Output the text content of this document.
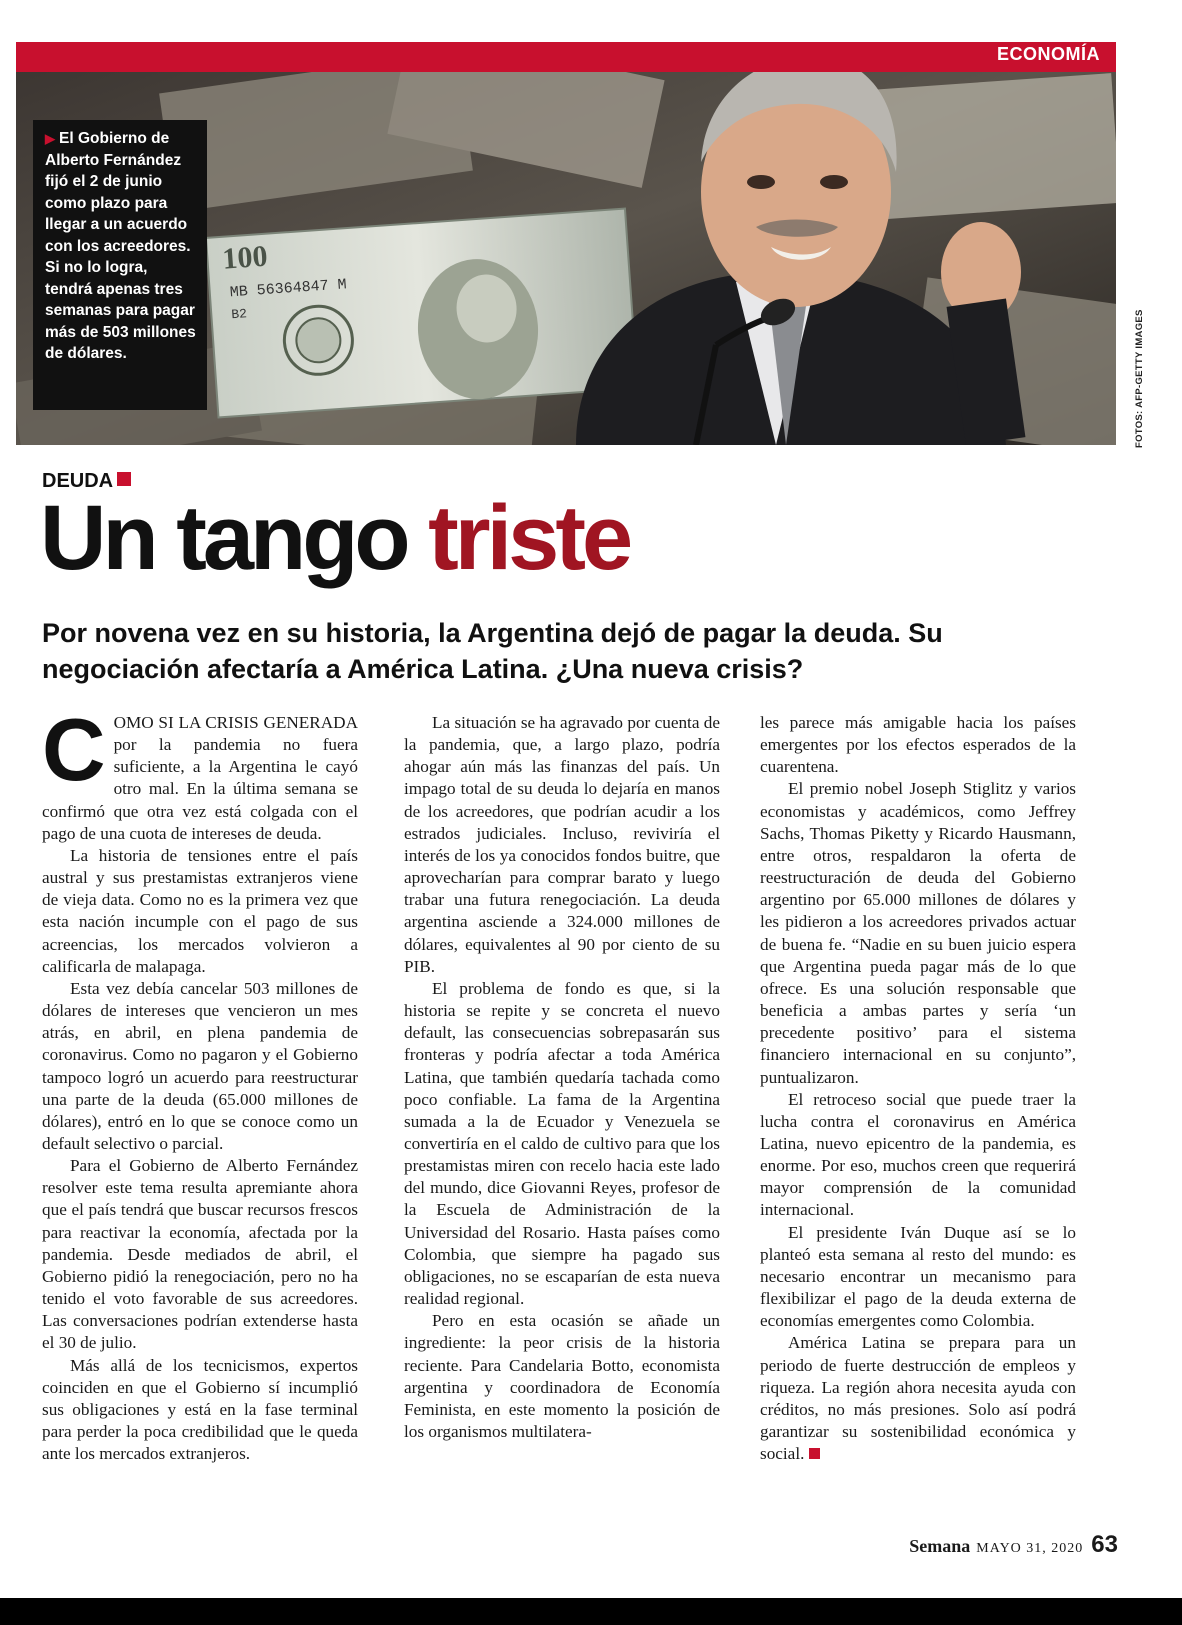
100
MB 56364847 M
B2
ECONOMÍA
▶ El Gobierno de Alberto Fernández fijó el 2 de junio como plazo para llegar a un acuerdo con los acreedores. Si no lo logra, tendrá apenas tres semanas para pagar más de 503 millones de dólares.	FOTOS: AFP-GETTY IMAGES
DEUDA
Un tango triste
Por novena vez en su historia, la Argentina dejó de pagar la deuda. Su negociación afectaría a América Latina. ¿Una nueva crisis?
C OMO SI LA CRISIS GENERADA por la pandemia no fuera suficiente, a la Argentina le cayó otro mal. En la última semana se confirmó que otra vez está colgada con el pago de una cuota de intereses de deuda.

La historia de tensiones entre el país austral y sus prestamistas extranjeros viene de vieja data. Como no es la primera vez que esta nación incumple con el pago de sus acreencias, los mercados volvieron a calificarla de malapaga.

Esta vez debía cancelar 503 millones de dólares de intereses que vencieron un mes atrás, en abril, en plena pandemia de coronavirus. Como no pagaron y el Gobierno tampoco logró un acuerdo para reestructurar una parte de la deuda (65.000 millones de dólares), entró en lo que se conoce como un default selectivo o parcial.

Para el Gobierno de Alberto Fernández resolver este tema resulta apremiante ahora que el país tendrá que buscar recursos frescos para reactivar la economía, afectada por la pandemia. Desde mediados de abril, el Gobierno pidió la renegociación, pero no ha tenido el voto favorable de sus acreedores. Las conversaciones podrían extenderse hasta el 30 de julio.

Más allá de los tecnicismos, expertos coinciden en que el Gobierno sí incumplió sus obligaciones y está en la fase terminal para perder la poca credibilidad que le queda ante los mercados extranjeros.

La situación se ha agravado por cuenta de la pandemia, que, a largo plazo, podría ahogar aún más las finanzas del país. Un impago total de su deuda lo dejaría en manos de los acreedores, que podrían acudir a los estrados judiciales. Incluso, reviviría el interés de los ya conocidos fondos buitre, que aprovecharían para comprar barato y luego trabar una futura renegociación. La deuda argentina asciende a 324.000 millones de dólares, equivalentes al 90 por ciento de su PIB.

El problema de fondo es que, si la historia se repite y se concreta el nuevo default, las consecuencias sobrepasarán sus fronteras y podría afectar a toda América Latina, que también quedaría tachada como poco confiable. La fama de la Argentina sumada a la de Ecuador y Venezuela se convertiría en el caldo de cultivo para que los prestamistas miren con recelo hacia este lado del mundo, dice Giovanni Reyes, profesor de la Escuela de Administración de la Universidad del Rosario. Hasta países como Colombia, que siempre ha pagado sus obligaciones, no se escaparían de esta nueva realidad regional.

Pero en esta ocasión se añade un ingrediente: la peor crisis de la historia reciente. Para Candelaria Botto, economista argentina y coordinadora de Economía Feminista, en este momento la posición de los organismos multilatera-

les parece más amigable hacia los países emergentes por los efectos esperados de la cuarentena.

El premio nobel Joseph Stiglitz y varios economistas y académicos, como Jeffrey Sachs, Thomas Piketty y Ricardo Hausmann, entre otros, respaldaron la oferta de reestructuración de deuda del Gobierno argentino por 65.000 millones de dólares y les pidieron a los acreedores privados actuar de buena fe. “Nadie en su buen juicio espera que Argentina pueda pagar más de lo que ofrece. Es una solución responsable que beneficia a ambas partes y sería ‘un precedente positivo’ para el sistema financiero internacional en su conjunto”, puntualizaron.

El retroceso social que puede traer la lucha contra el coronavirus en América Latina, nuevo epicentro de la pandemia, es enorme. Por eso, muchos creen que requerirá mayor comprensión de la comunidad internacional.

El presidente Iván Duque así se lo planteó esta semana al resto del mundo: es necesario encontrar un mecanismo para flexibilizar el pago de la deuda externa de economías emergentes como Colombia.

América Latina se prepara para un periodo de fuerte destrucción de empleos y riqueza. La región ahora necesita ayuda con créditos, no más presiones. Solo así podrá garantizar su sostenibilidad económica y social.

Semana MAYO 31, 2020 63
